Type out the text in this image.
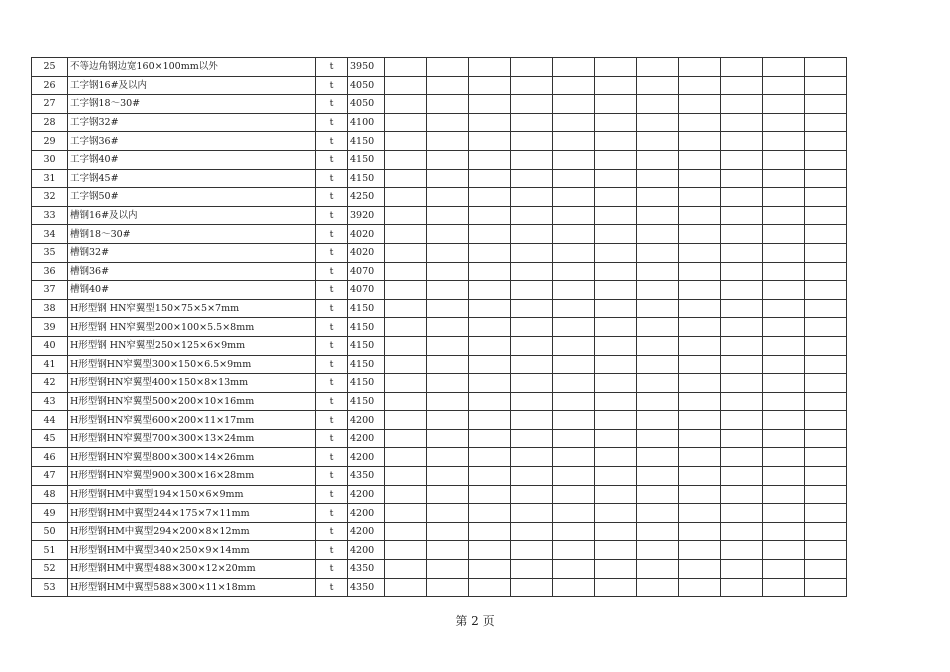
25	不等边角钢边宽160×100mm以外	t	3950											
26	工字钢16#及以内	t	4050											
27	工字钢18～30#	t	4050											
28	工字钢32#	t	4100											
29	工字钢36#	t	4150											
30	工字钢40#	t	4150											
31	工字钢45#	t	4150											
32	工字钢50#	t	4250											
33	槽钢16#及以内	t	3920											
34	槽钢18～30#	t	4020											
35	槽钢32#	t	4020											
36	槽钢36#	t	4070											
37	槽钢40#	t	4070											
38	H形型钢 HN窄翼型150×75×5×7mm	t	4150											
39	H形型钢 HN窄翼型200×100×5.5×8mm	t	4150											
40	H形型钢 HN窄翼型250×125×6×9mm	t	4150											
41	H形型钢HN窄翼型300×150×6.5×9mm	t	4150											
42	H形型钢HN窄翼型400×150×8×13mm	t	4150											
43	H形型钢HN窄翼型500×200×10×16mm	t	4150											
44	H形型钢HN窄翼型600×200×11×17mm	t	4200											
45	H形型钢HN窄翼型700×300×13×24mm	t	4200											
46	H形型钢HN窄翼型800×300×14×26mm	t	4200											
47	H形型钢HN窄翼型900×300×16×28mm	t	4350											
48	H形型钢HM中翼型194×150×6×9mm	t	4200											
49	H形型钢HM中翼型244×175×7×11mm	t	4200											
50	H形型钢HM中翼型294×200×8×12mm	t	4200											
51	H形型钢HM中翼型340×250×9×14mm	t	4200											
52	H形型钢HM中翼型488×300×12×20mm	t	4350											
53	H形型钢HM中翼型588×300×11×18mm	t	4350											
第 2 页
